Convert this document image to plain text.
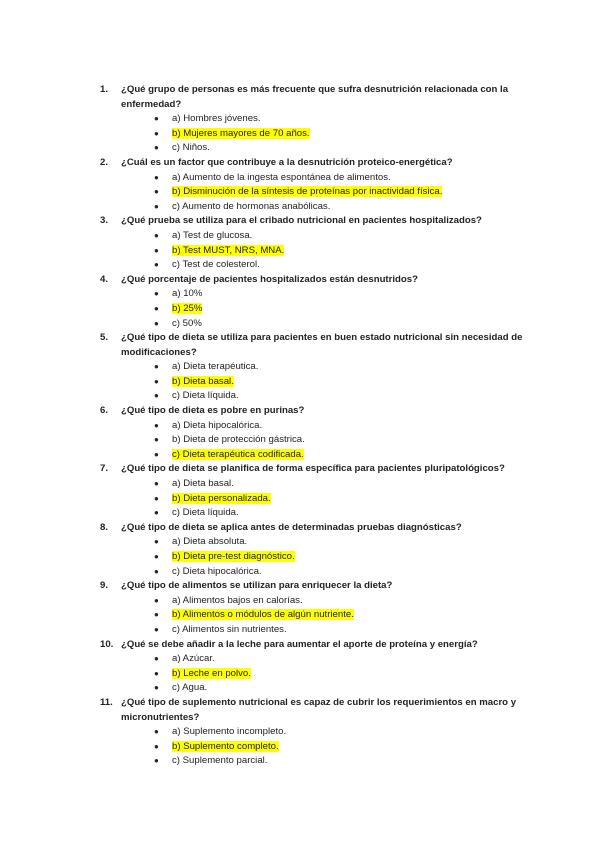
1.	¿Qué grupo de personas es más frecuente que sufra desnutrición relacionada con la enfermedad?
● a) Hombres jóvenes.
● b) Mujeres mayores de 70 años.
● c) Niños.
2.	¿Cuál es un factor que contribuye a la desnutrición proteico-energética?
● a) Aumento de la ingesta espontánea de alimentos.
● b) Disminución de la síntesis de proteínas por inactividad física.
● c) Aumento de hormonas anabólicas.
3.	¿Qué prueba se utiliza para el cribado nutricional en pacientes hospitalizados?
● a) Test de glucosa.
● b) Test MUST, NRS, MNA.
● c) Test de colesterol.
4.	¿Qué porcentaje de pacientes hospitalizados están desnutridos?
● a) 10%
● b) 25%
● c) 50%
5.	¿Qué tipo de dieta se utiliza para pacientes en buen estado nutricional sin necesidad de modificaciones?
● a) Dieta terapéutica.
● b) Dieta basal.
● c) Dieta líquida.
6.	¿Qué tipo de dieta es pobre en purinas?
● a) Dieta hipocalórica.
● b) Dieta de protección gástrica.
● c) Dieta terapéutica codificada.
7.	¿Qué tipo de dieta se planifica de forma específica para pacientes pluripatológicos?
● a) Dieta basal.
● b) Dieta personalizada.
● c) Dieta líquida.
8.	¿Qué tipo de dieta se aplica antes de determinadas pruebas diagnósticas?
● a) Dieta absoluta.
● b) Dieta pre-test diagnóstico.
● c) Dieta hipocalórica.
9.	¿Qué tipo de alimentos se utilizan para enriquecer la dieta?
● a) Alimentos bajos en calorías.
● b) Alimentos o módulos de algún nutriente.
● c) Alimentos sin nutrientes.
10. ¿Qué se debe añadir a la leche para aumentar el aporte de proteína y energía?
● a) Azúcar.
● b) Leche en polvo.
● c) Agua.
11. ¿Qué tipo de suplemento nutricional es capaz de cubrir los requerimientos en macro y micronutrientes?
● a) Suplemento incompleto.
● b) Suplemento completo.
● c) Suplemento parcial.
